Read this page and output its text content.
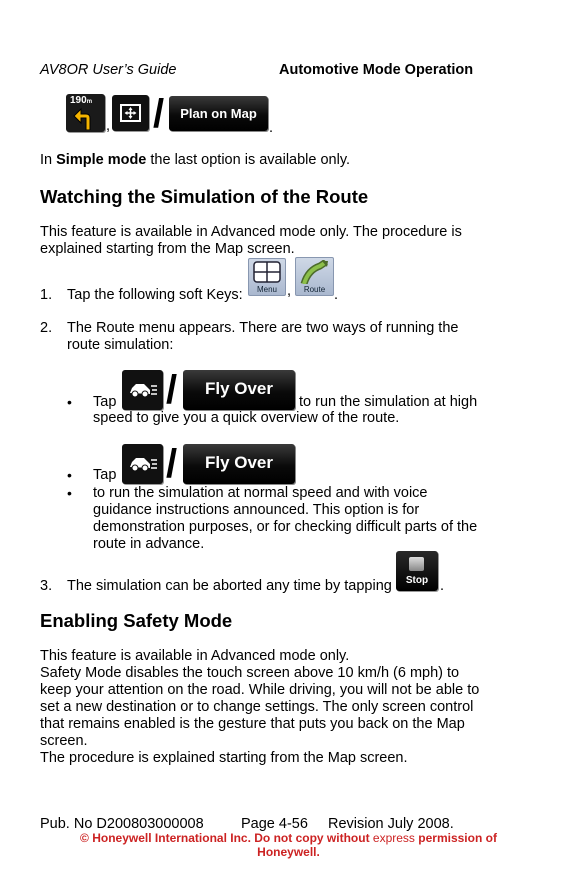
AV8OR User’s Guide	Automotive Mode Operation
190m
, /	Plan on Map
.
In Simple mode the last option is available only.
Watching the Simulation of the Route
This feature is available in Advanced mode only. The procedure is
explained starting from the Map screen.
1. Tap the following soft Keys:	Menu ,	Route .
2. The Route menu appears. There are two ways of running the
route simulation:
• Tap /	Fly Over
to run the simulation at high
speed to give you a quick overview of the route.
• Tap /	Fly Over
• to run the simulation at normal speed and with voice
guidance instructions announced. This option is for
demonstration purposes, or for checking difficult parts of the
route in advance.
3. The simulation can be aborted any time by tapping	Stop .
Enabling Safety Mode
This feature is available in Advanced mode only.
Safety Mode disables the touch screen above 10 km/h (6 mph) to
keep your attention on the road. While driving, you will not be able to
set a new destination or to change settings. The only screen control
that remains enabled is the gesture that puts you back on the Map
screen.
The procedure is explained starting from the Map screen.
Pub. No D200803000008	Page 4-56 Revision July 2008.
© Honeywell International Inc. Do not copy without express permission of
Honeywell.
